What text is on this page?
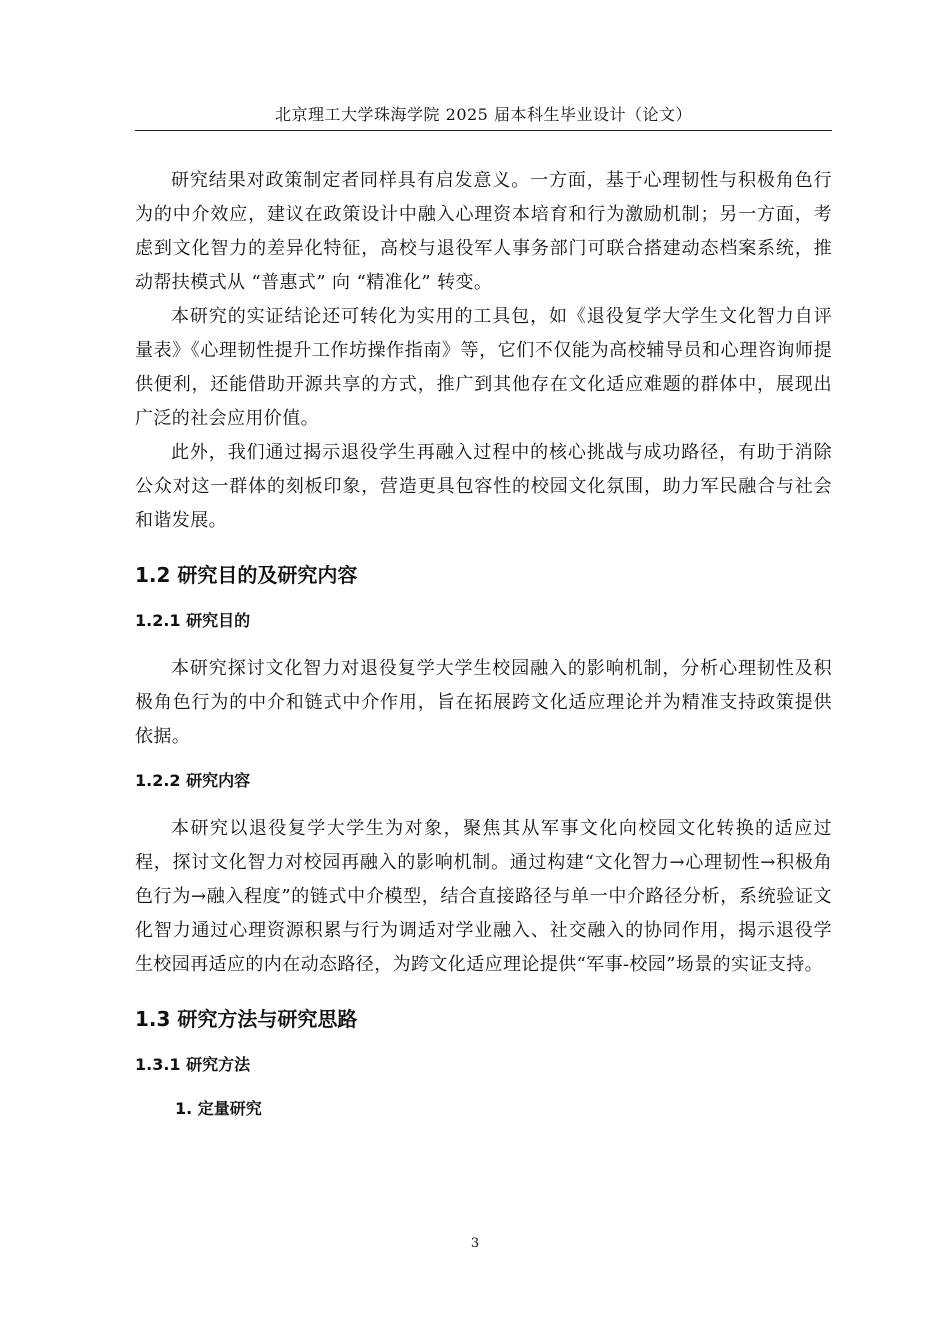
北京理工大学珠海学院 2025 届本科生毕业设计（论文）

研究结果对政策制定者同样具有启发意义。一方面，基于心理韧性与积极角色行为的中介效应，建议在政策设计中融入心理资本培育和行为激励机制；另一方面，考虑到文化智力的差异化特征，高校与退役军人事务部门可联合搭建动态档案系统，推动帮扶模式从 “普惠式” 向 “精准化” 转变。

本研究的实证结论还可转化为实用的工具包，如《退役复学大学生文化智力自评量表》《心理韧性提升工作坊操作指南》等，它们不仅能为高校辅导员和心理咨询师提供便利，还能借助开源共享的方式，推广到其他存在文化适应难题的群体中，展现出广泛的社会应用价值。

此外，我们通过揭示退役学生再融入过程中的核心挑战与成功路径，有助于消除公众对这一群体的刻板印象，营造更具包容性的校园文化氛围，助力军民融合与社会和谐发展。

1.2 研究目的及研究内容
1.2.1 研究目的

本研究探讨文化智力对退役复学大学生校园融入的影响机制，分析心理韧性及积极角色行为的中介和链式中介作用，旨在拓展跨文化适应理论并为精准支持政策提供依据。

1.2.2 研究内容

本研究以退役复学大学生为对象，聚焦其从军事文化向校园文化转换的适应过程，探讨文化智力对校园再融入的影响机制。通过构建“文化智力→心理韧性→积极角色行为→融入程度”的链式中介模型，结合直接路径与单一中介路径分析，系统验证文化智力通过心理资源积累与行为调适对学业融入、社交融入的协同作用，揭示退役学生校园再适应的内在动态路径，为跨文化适应理论提供“军事-校园”场景的实证支持。

1.3 研究方法与研究思路
1.3.1 研究方法
1. 定量研究
3
